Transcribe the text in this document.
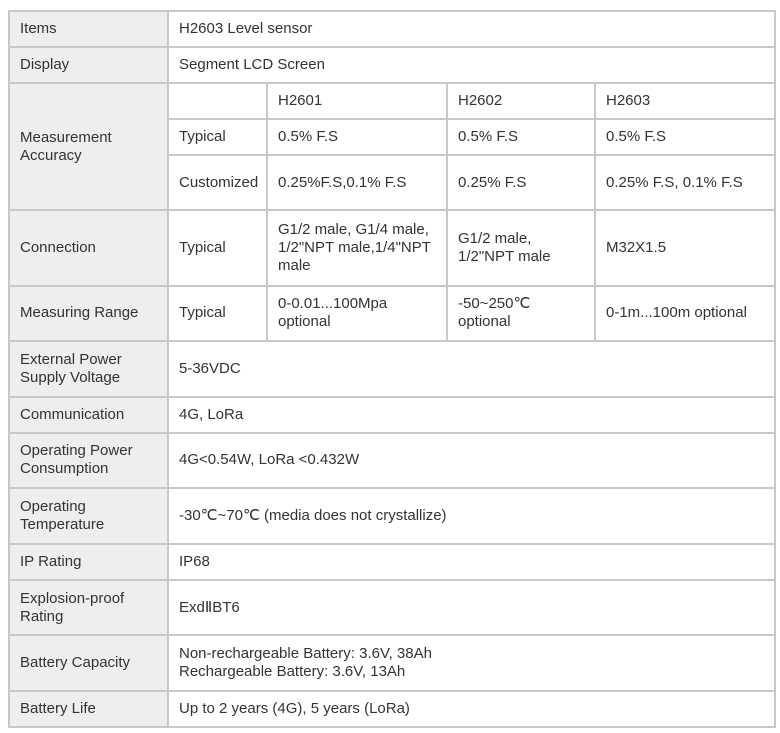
Items	H2603 Level sensor			
Display	Segment LCD Screen			
Measurement Accuracy		H2601	H2602	H2603
	Typical	0.5% F.S	0.5% F.S	0.5% F.S
	Customized	0.25%F.S,0.1% F.S	0.25% F.S	0.25% F.S, 0.1% F.S
Connection	Typical	G1/2 male, G1/4 male, 1/2"NPT male,1/4"NPT male	G1/2 male, 1/2"NPT male	M32X1.5
Measuring Range	Typical	0-0.01...100Mpa optional	-50~250℃ optional	0-1m...100m optional
External Power Supply Voltage	5-36VDC			
Communication	4G, LoRa			
Operating Power Consumption	4G<0.54W, LoRa <0.432W			
Operating Temperature	-30℃~70℃ (media does not crystallize)			
IP Rating	IP68			
Explosion-proof Rating	ExdⅡBT6			
Battery Capacity	Non-rechargeable Battery: 3.6V, 38Ah
Rechargeable Battery: 3.6V, 13Ah			

Battery Life	Up to 2 years (4G), 5 years (LoRa)			
